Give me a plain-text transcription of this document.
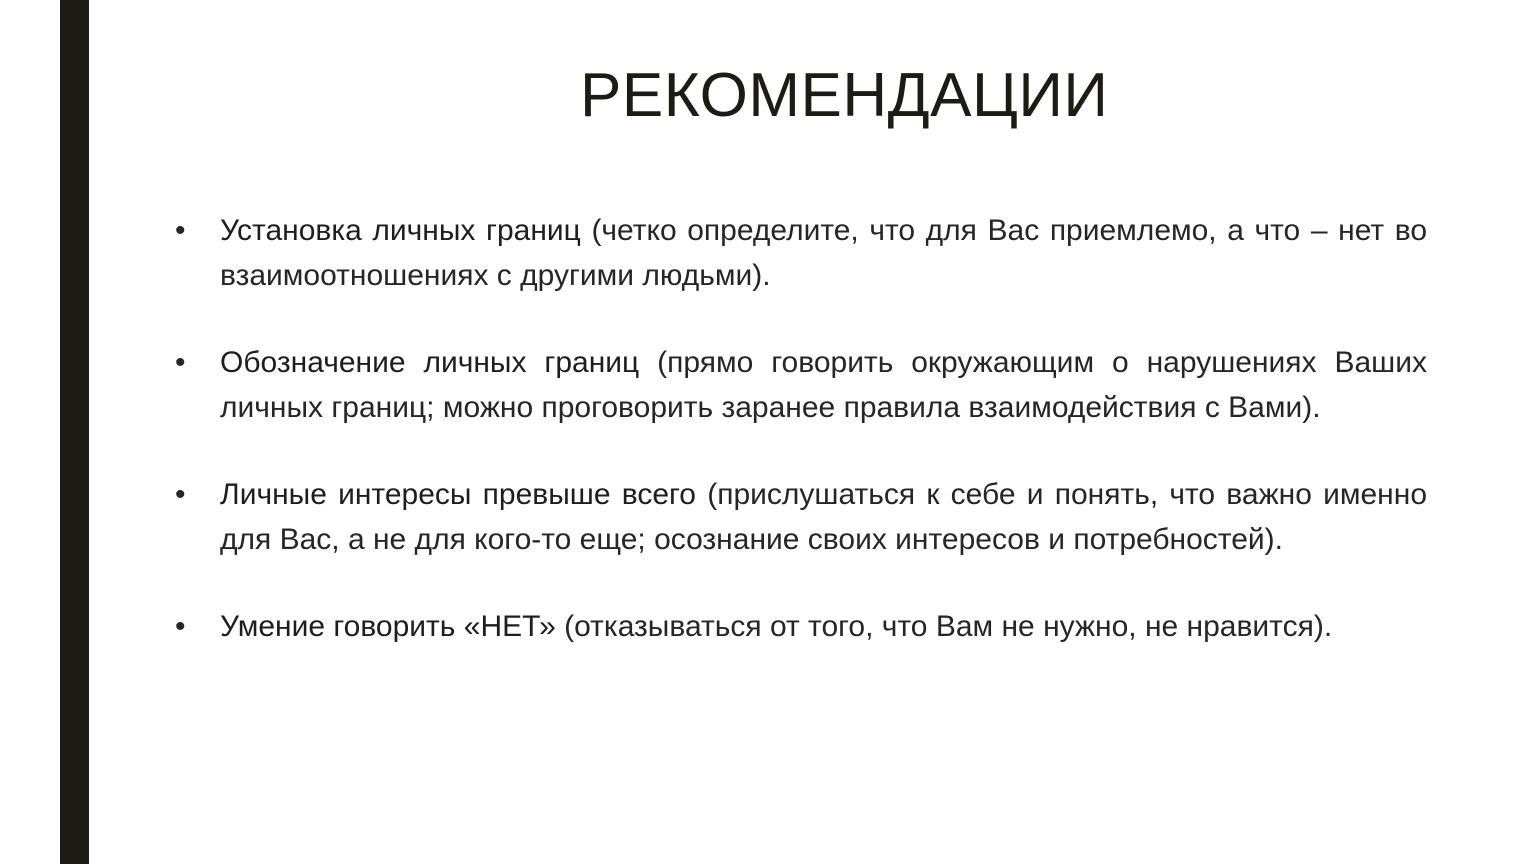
РЕКОМЕНДАЦИИ
•	Установка личных границ (четко определите, что для Вас приемлемо, а что – нет во взаимоотношениях с другими людьми).
•	Обозначение личных границ (прямо говорить окружающим о нарушениях Ваших личных границ; можно проговорить заранее правила взаимодействия с Вами).
•	Личные интересы превыше всего (прислушаться к себе и понять, что важно именно для Вас, а не для кого-то еще; осознание своих интересов и потребностей).
•	Умение говорить «НЕТ» (отказываться от того, что Вам не нужно, не нравится).
